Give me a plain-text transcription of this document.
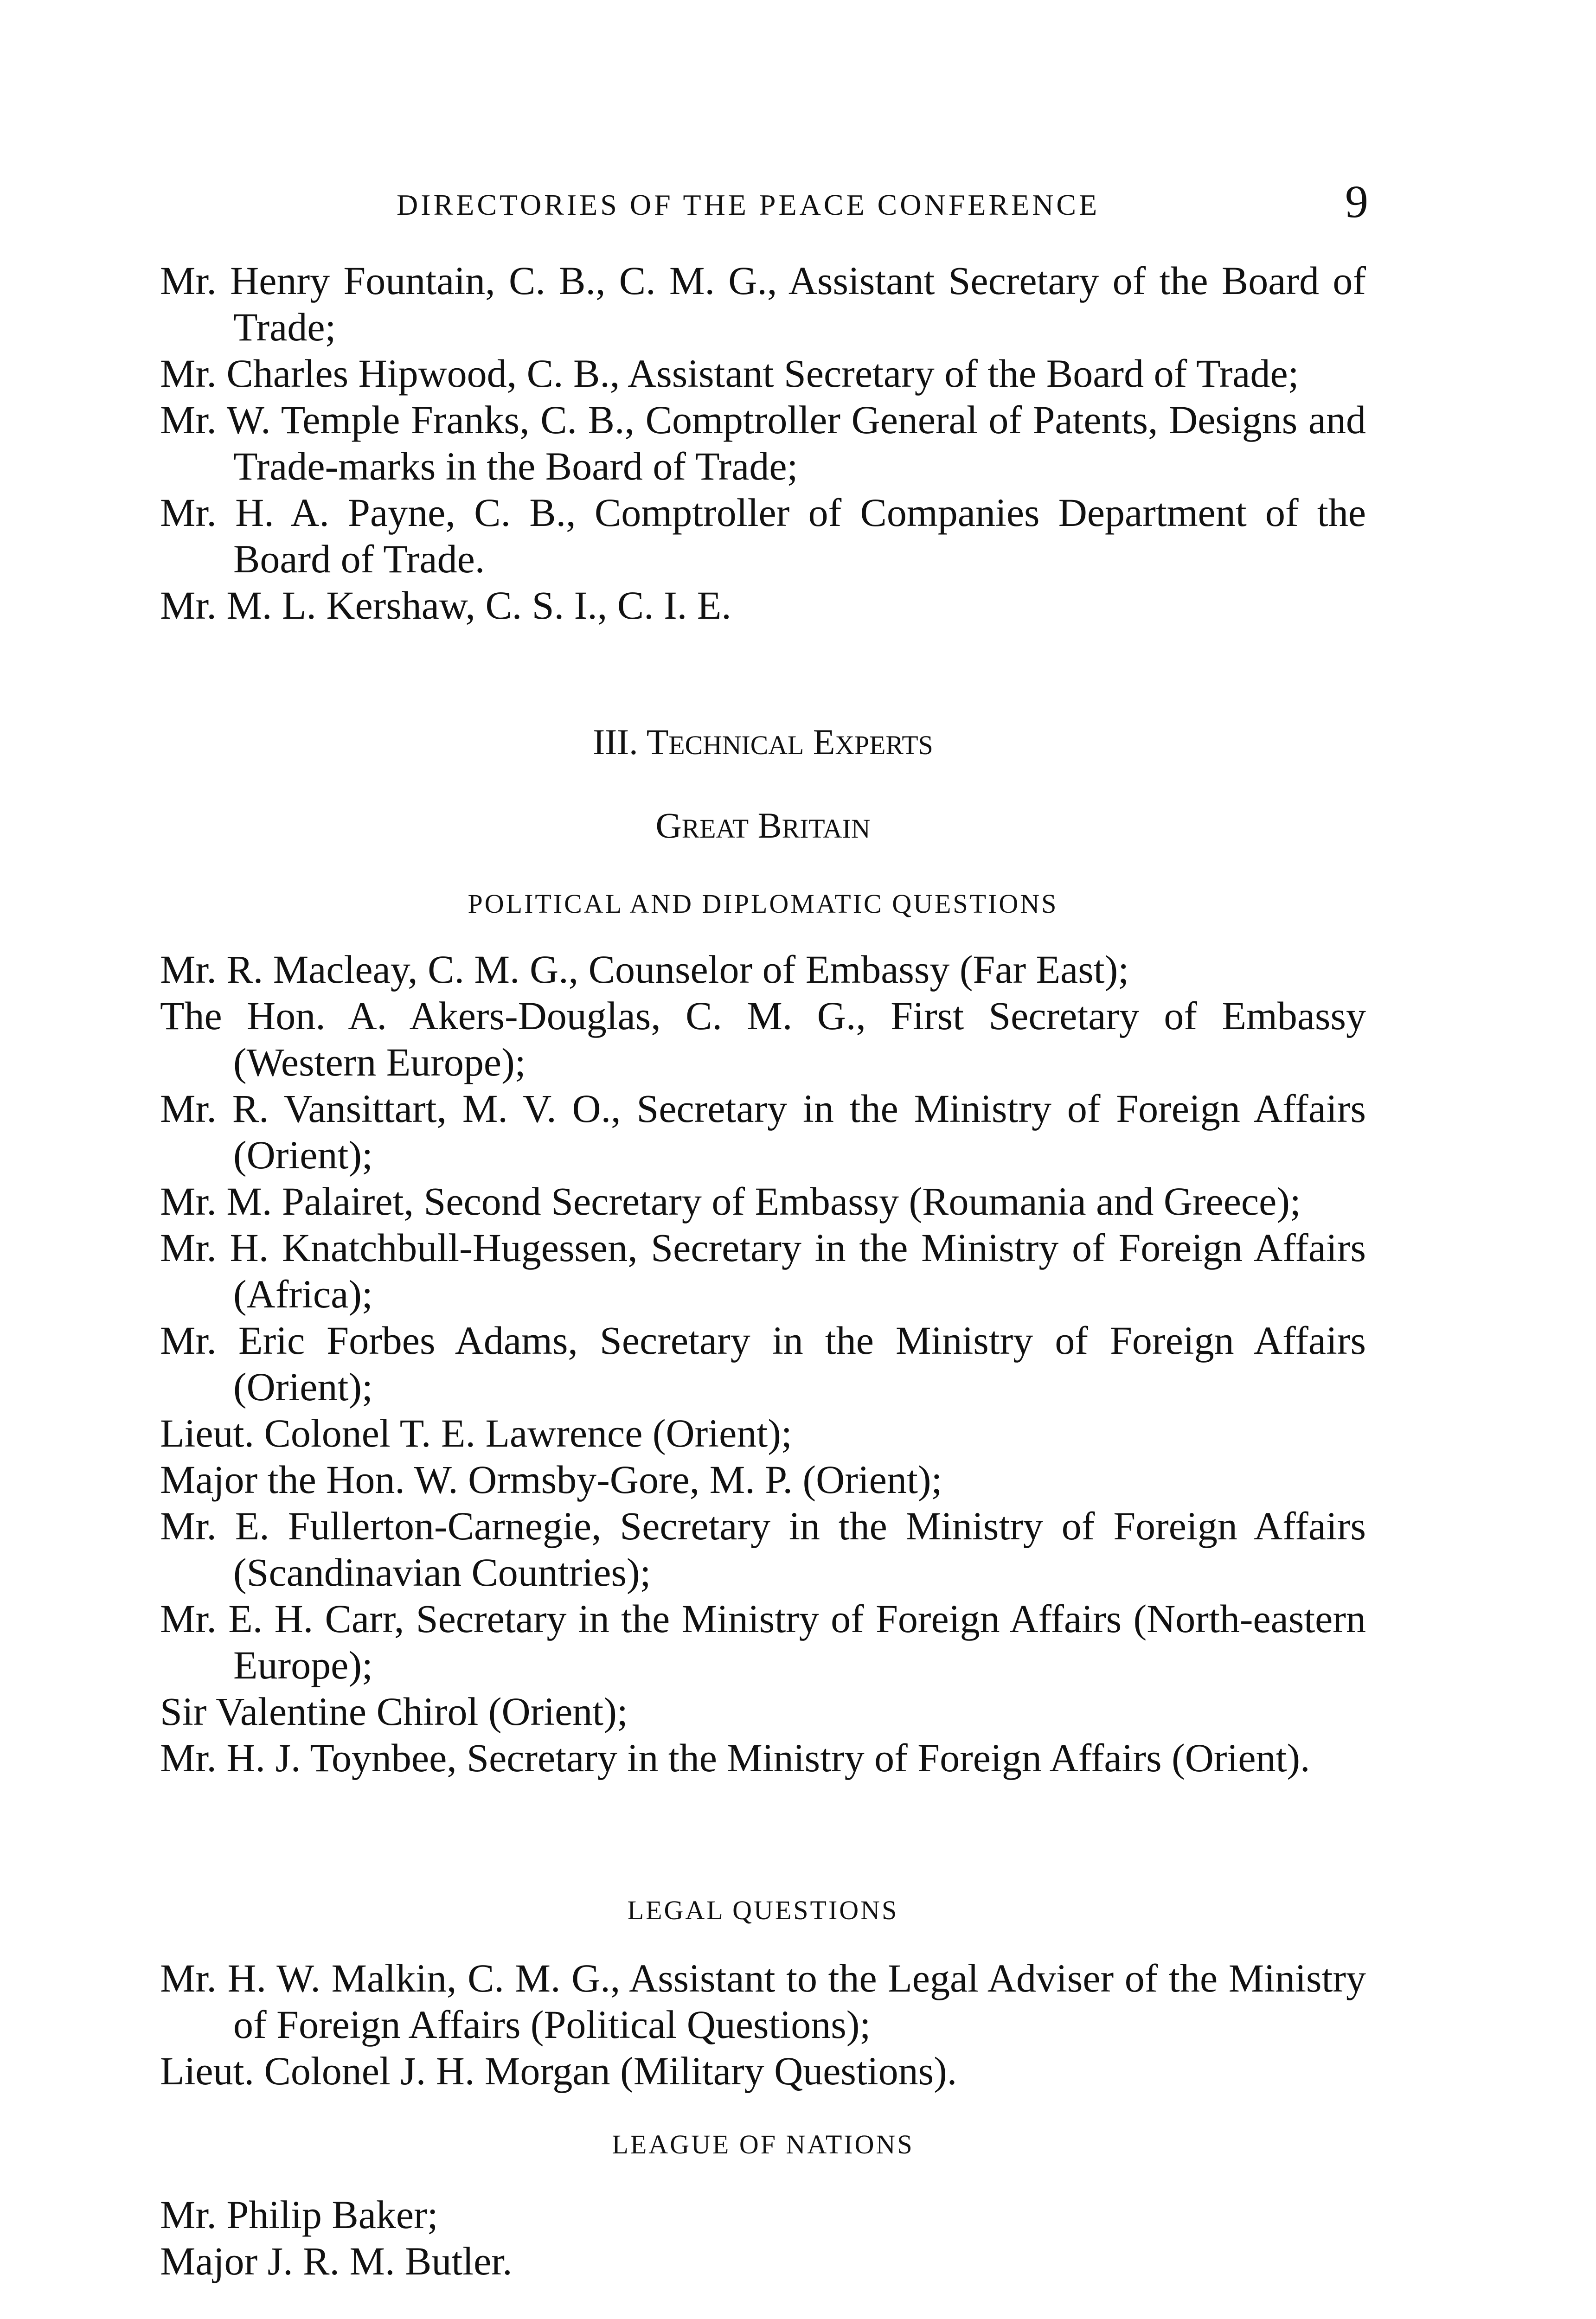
DIRECTORIES OF THE PEACE CONFERENCE	9

Mr. Henry Fountain, C. B., C. M. G., Assistant Secretary of the Board of Trade;

Mr. Charles Hipwood, C. B., Assistant Secretary of the Board of Trade;

Mr. W. Temple Franks, C. B., Comptroller General of Patents, Designs and Trade-marks in the Board of Trade;

Mr. H. A. Payne, C. B., Comptroller of Companies Department of the Board of Trade.

Mr. M. L. Kershaw, C. S. I., C. I. E.

III. TECHNICAL EXPERTS
GREAT BRITAIN
POLITICAL AND DIPLOMATIC QUESTIONS

Mr. R. Macleay, C. M. G., Counselor of Embassy (Far East);

The Hon. A. Akers-Douglas, C. M. G., First Secretary of Embassy (Western Europe);

Mr. R. Vansittart, M. V. O., Secretary in the Ministry of Foreign Affairs (Orient);

Mr. M. Palairet, Second Secretary of Embassy (Roumania and Greece);

Mr. H. Knatchbull-Hugessen, Secretary in the Ministry of Foreign Affairs (Africa);

Mr. Eric Forbes Adams, Secretary in the Ministry of Foreign Affairs (Orient);

Lieut. Colonel T. E. Lawrence (Orient);

Major the Hon. W. Ormsby-Gore, M. P. (Orient);

Mr. E. Fullerton-Carnegie, Secretary in the Ministry of Foreign Affairs (Scandinavian Countries);

Mr. E. H. Carr, Secretary in the Ministry of Foreign Affairs (North-eastern Europe);

Sir Valentine Chirol (Orient);

Mr. H. J. Toynbee, Secretary in the Ministry of Foreign Affairs (Orient).

LEGAL QUESTIONS

Mr. H. W. Malkin, C. M. G., Assistant to the Legal Adviser of the Ministry of Foreign Affairs (Political Questions);

Lieut. Colonel J. H. Morgan (Military Questions).

LEAGUE OF NATIONS

Mr. Philip Baker;

Major J. R. M. Butler.
